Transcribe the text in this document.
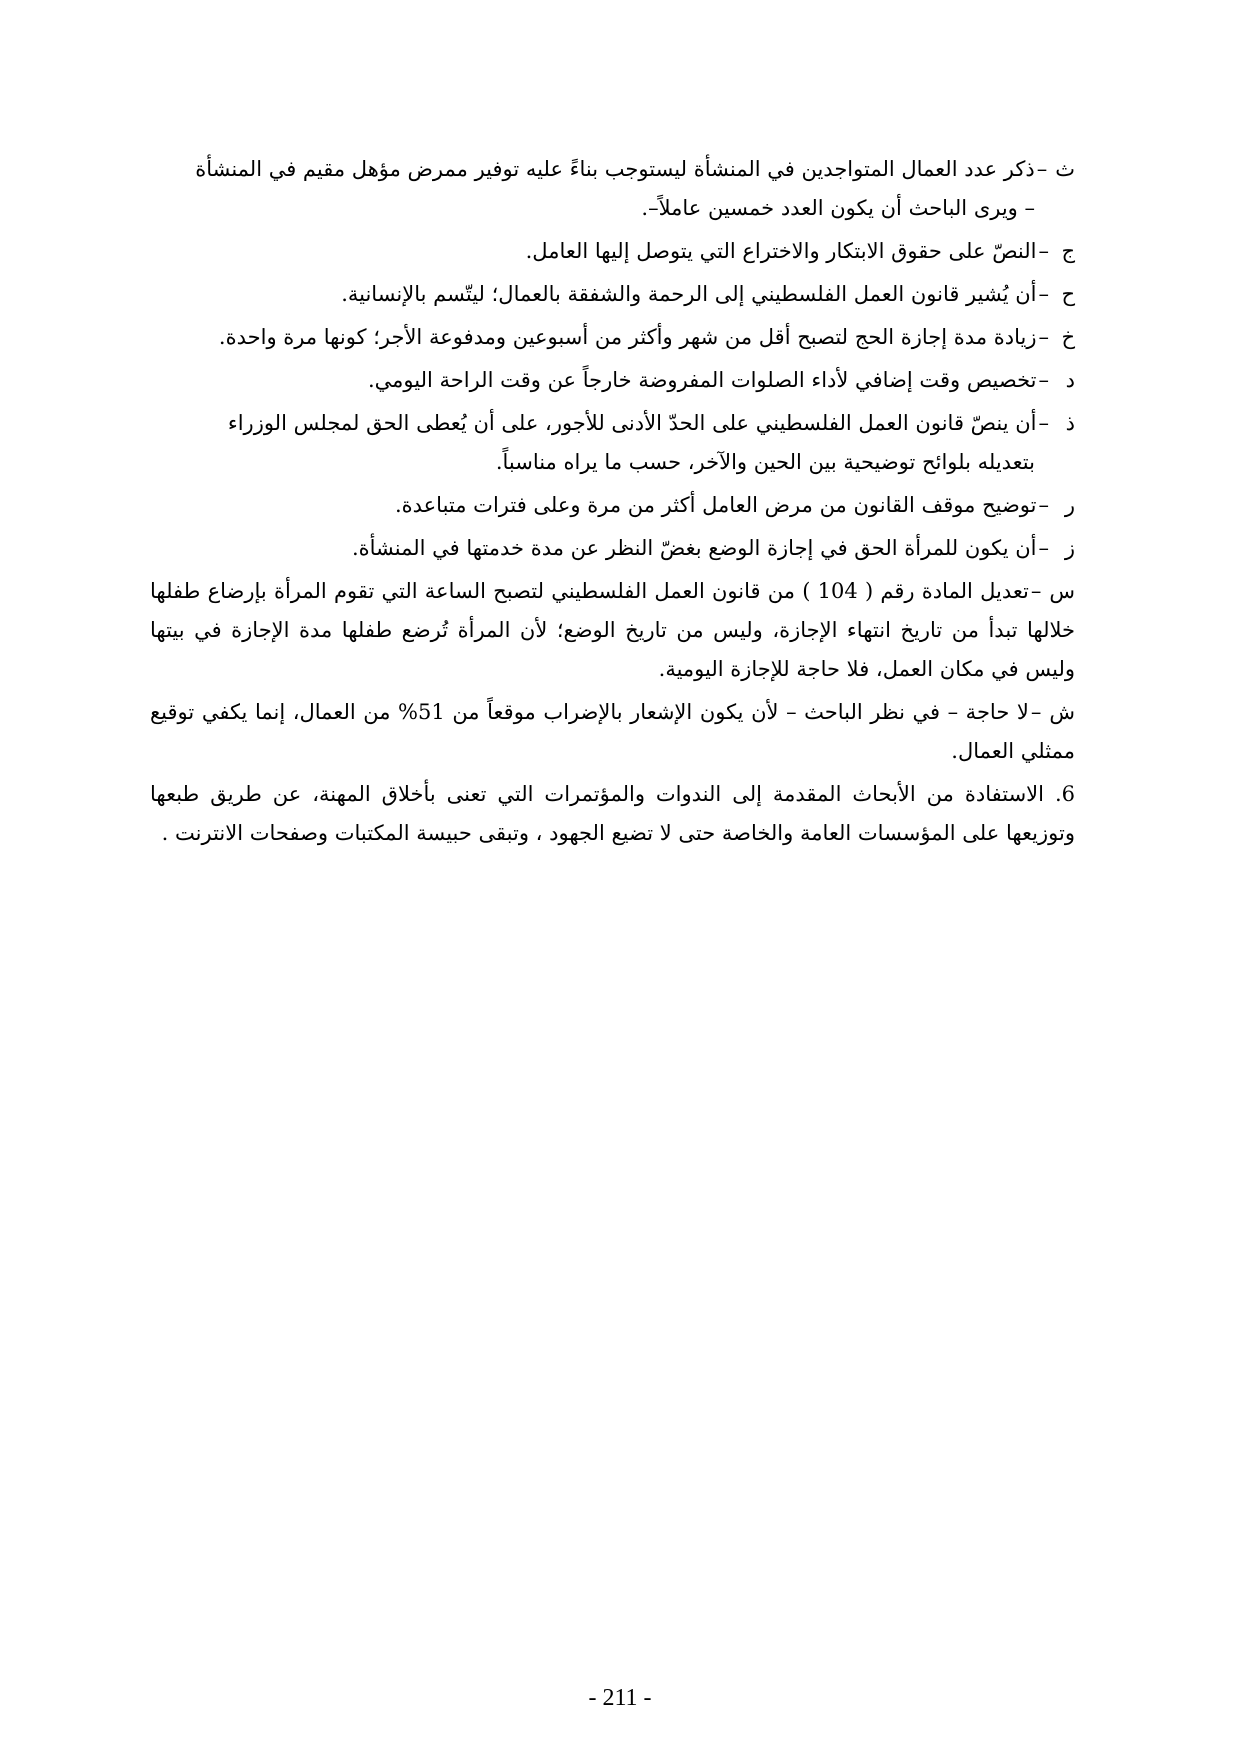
ث–ذكر عدد العمال المتواجدين في المنشأة ليستوجب بناءً عليه توفير ممرض مؤهل مقيم في المنشأة
– ويرى الباحث أن يكون العدد خمسين عاملاً–.
ج–النصّ على حقوق الابتكار والاختراع التي يتوصل إليها العامل.
ح–أن يُشير قانون العمل الفلسطيني إلى الرحمة والشفقة بالعمال؛ ليتّسم بالإنسانية.
خ–زيادة مدة إجازة الحج لتصبح أقل من شهر وأكثر من أسبوعين ومدفوعة الأجر؛ كونها مرة واحدة.
د–تخصيص وقت إضافي لأداء الصلوات المفروضة خارجاً عن وقت الراحة اليومي.
ذ–أن ينصّ قانون العمل الفلسطيني على الحدّ الأدنى للأجور، على أن يُعطى الحق لمجلس الوزراء
بتعديله بلوائح توضيحية بين الحين والآخر، حسب ما يراه مناسباً.
ر–توضيح موقف القانون من مرض العامل أكثر من مرة وعلى فترات متباعدة.
ز–أن يكون للمرأة الحق في إجازة الوضع بغضّ النظر عن مدة خدمتها في المنشأة.
س–تعديل المادة رقم ( 104 ) من قانون العمل الفلسطيني لتصبح الساعة التي تقوم المرأة بإرضاع طفلها خلالها تبدأ من تاريخ انتهاء الإجازة، وليس من تاريخ الوضع؛ لأن المرأة تُرضع طفلها مدة الإجازة في بيتها وليس في مكان العمل، فلا حاجة للإجازة اليومية.
ش–لا حاجة – في نظر الباحث – لأن يكون الإشعار بالإضراب موقعاً من 51% من العمال، إنما يكفي توقيع ممثلي العمال.
6. الاستفادة من الأبحاث المقدمة إلى الندوات والمؤتمرات التي تعنى بأخلاق المهنة، عن طريق طبعها وتوزيعها على المؤسسات العامة والخاصة حتى لا تضيع الجهود ، وتبقى حبيسة المكتبات وصفحات الانترنت .
- 211 -
